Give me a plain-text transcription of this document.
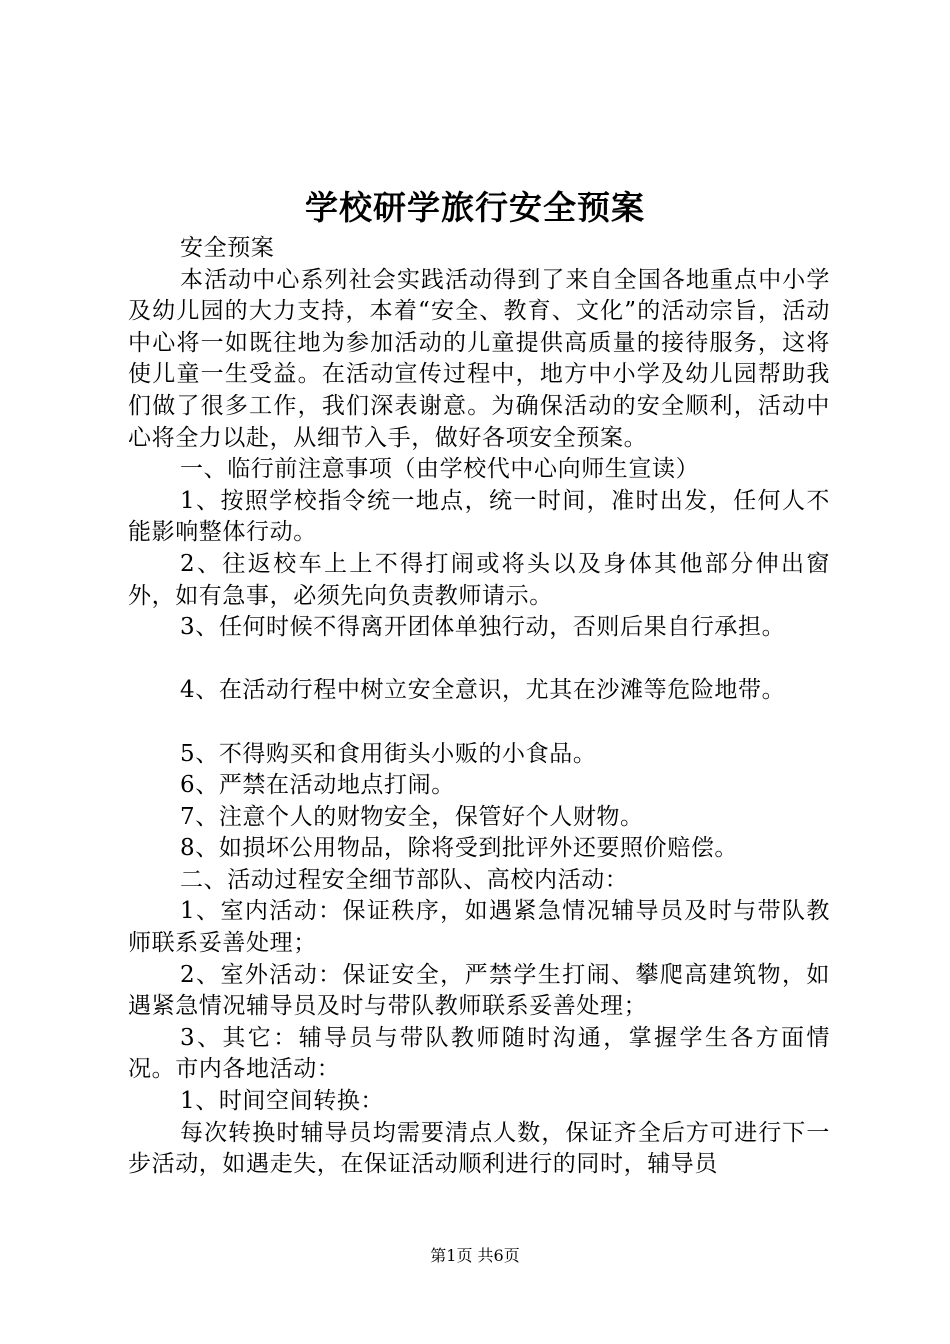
学校研学旅行安全预案

安全预案

本活动中心系列社会实践活动得到了来自全国各地重点中小学及幼儿园的大力支持，本着“安全、教育、文化”的活动宗旨，活动中心将一如既往地为参加活动的儿童提供高质量的接待服务，这将使儿童一生受益。在活动宣传过程中，地方中小学及幼儿园帮助我们做了很多工作，我们深表谢意。为确保活动的安全顺利，活动中心将全力以赴，从细节入手，做好各项安全预案。

一、临行前注意事项（由学校代中心向师生宣读）

1、按照学校指令统一地点，统一时间，准时出发，任何人不能影响整体行动。

2、往返校车上上不得打闹或将头以及身体其他部分伸出窗外，如有急事，必须先向负责教师请示。

3、任何时候不得离开团体单独行动，否则后果自行承担。

4、在活动行程中树立安全意识，尤其在沙滩等危险地带。

5、不得购买和食用街头小贩的小食品。

6、严禁在活动地点打闹。

7、注意个人的财物安全，保管好个人财物。

8、如损坏公用物品，除将受到批评外还要照价赔偿。

二、活动过程安全细节部队、高校内活动：

1、室内活动：保证秩序，如遇紧急情况辅导员及时与带队教师联系妥善处理；

2、室外活动：保证安全，严禁学生打闹、攀爬高建筑物，如遇紧急情况辅导员及时与带队教师联系妥善处理；

3、其它：辅导员与带队教师随时沟通，掌握学生各方面情况。市内各地活动：

1、时间空间转换：

每次转换时辅导员均需要清点人数，保证齐全后方可进行下一步活动，如遇走失，在保证活动顺利进行的同时，辅导员

第1页 共6页
